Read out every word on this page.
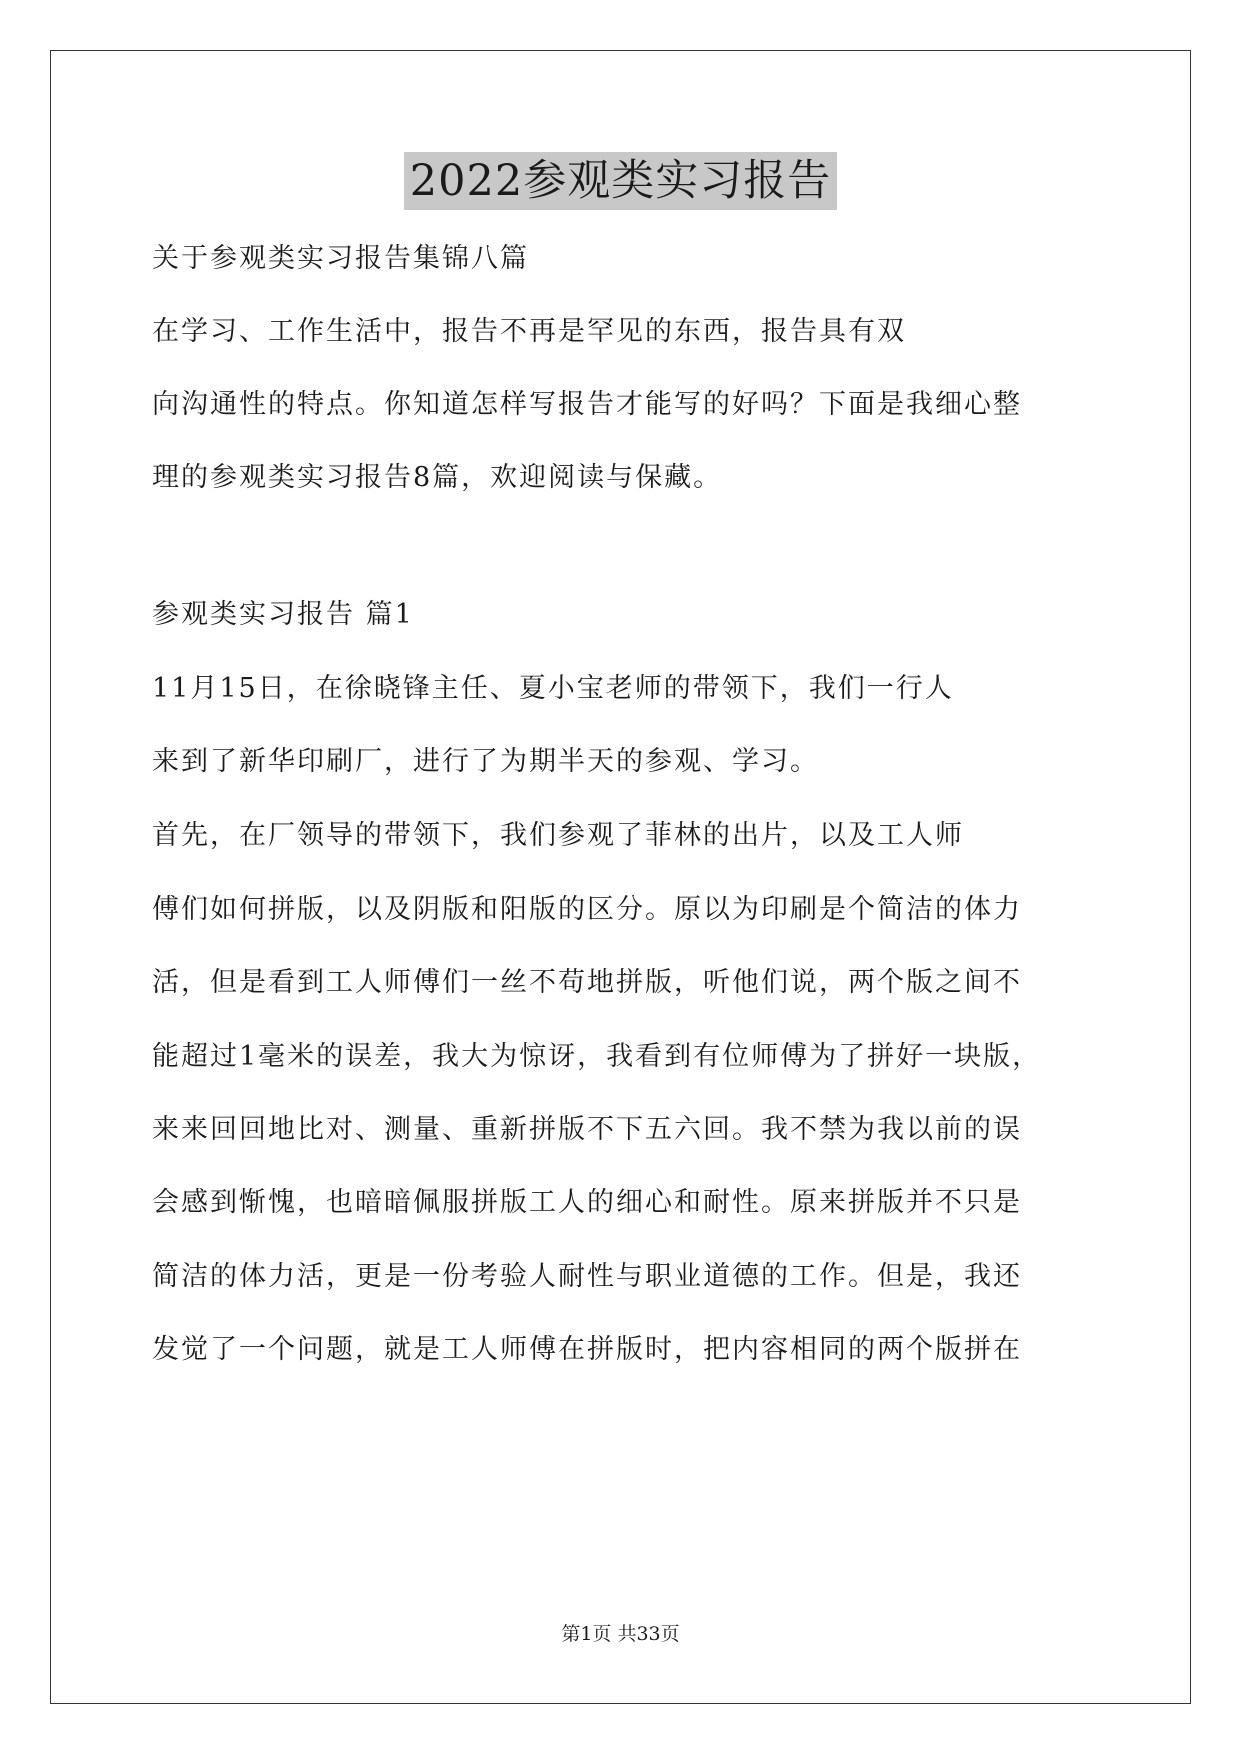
2022参观类实习报告
关于参观类实习报告集锦八篇
在学习、工作生活中，报告不再是罕见的东西，报告具有双
向沟通性的特点。你知道怎样写报告才能写的好吗？下面是我细心整
理的参观类实习报告8篇，欢迎阅读与保藏。
参观类实习报告 篇1
11月15日，在徐晓锋主任、夏小宝老师的带领下，我们一行人
来到了新华印刷厂，进行了为期半天的参观、学习。
首先，在厂领导的带领下，我们参观了菲林的出片，以及工人师
傅们如何拼版，以及阴版和阳版的区分。原以为印刷是个简洁的体力
活，但是看到工人师傅们一丝不苟地拼版，听他们说，两个版之间不
能超过1毫米的误差，我大为惊讶，我看到有位师傅为了拼好一块版，
来来回回地比对、测量、重新拼版不下五六回。我不禁为我以前的误
会感到惭愧，也暗暗佩服拼版工人的细心和耐性。原来拼版并不只是
简洁的体力活，更是一份考验人耐性与职业道德的工作。但是，我还
发觉了一个问题，就是工人师傅在拼版时，把内容相同的两个版拼在
第1页 共33页
